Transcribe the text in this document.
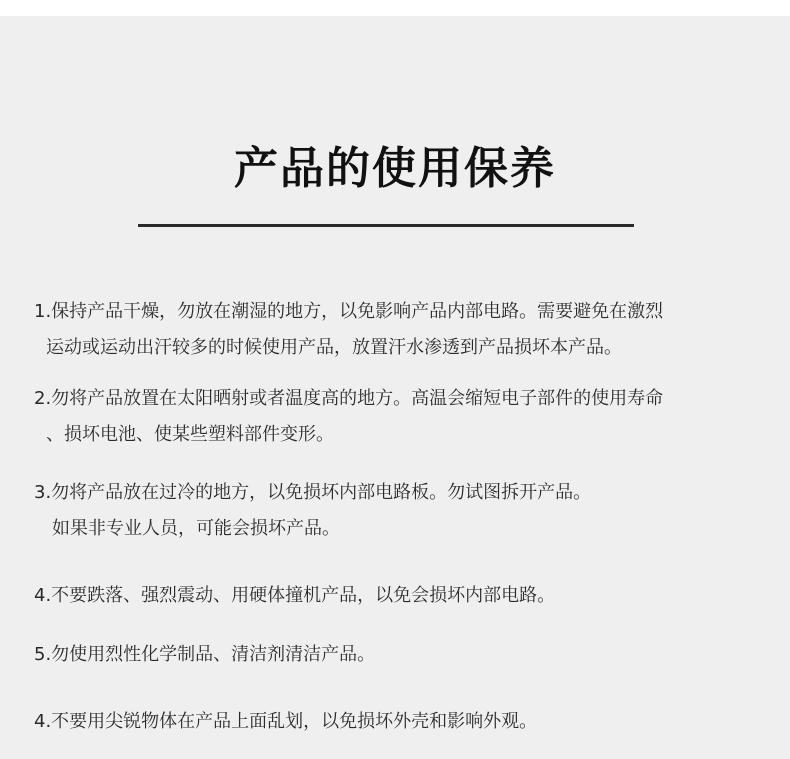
产品的使用保养
1.保持产品干燥，勿放在潮湿的地方，以免影响产品内部电路。需要避免在激烈
运动或运动出汗较多的时候使用产品，放置汗水渗透到产品损坏本产品。
2.勿将产品放置在太阳晒射或者温度高的地方。高温会缩短电子部件的使用寿命
、损坏电池、使某些塑料部件变形。
3.勿将产品放在过冷的地方，以免损坏内部电路板。勿试图拆开产品。
如果非专业人员，可能会损坏产品。
4.不要跌落、强烈震动、用硬体撞机产品，以免会损坏内部电路。
5.勿使用烈性化学制品、清洁剂清洁产品。
4.不要用尖锐物体在产品上面乱划，以免损坏外壳和影响外观。
